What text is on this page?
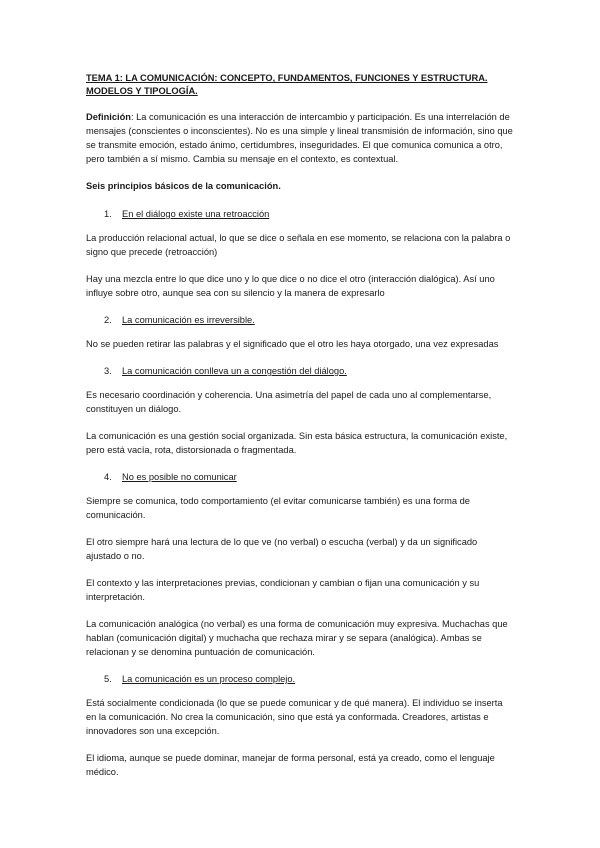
TEMA 1: LA COMUNICACIÓN: CONCEPTO, FUNDAMENTOS, FUNCIONES Y ESTRUCTURA. MODELOS Y TIPOLOGÍA.

Definición: La comunicación es una interacción de intercambio y participación. Es una interrelación de mensajes (conscientes o inconscientes). No es una simple y lineal transmisión de información, sino que se transmite emoción, estado ánimo, certidumbres, inseguridades. El que comunica comunica a otro, pero también a sí mismo. Cambia su mensaje en el contexto, es contextual.

Seis principios básicos de la comunicación.
1.	En el diálogo existe una retroacción

La producción relacional actual, lo que se dice o señala en ese momento, se relaciona con la palabra o signo que precede (retroacción)

Hay una mezcla entre lo que dice uno y lo que dice o no dice el otro (interacción dialógica). Así uno influye sobre otro, aunque sea con su silencio y la manera de expresarlo

2.	La comunicación es irreversible.

No se pueden retirar las palabras y el significado que el otro les haya otorgado, una vez expresadas

3.	La comunicación conlleva un a congestión del diálogo.

Es necesario coordinación y coherencia. Una asimetría del papel de cada uno al complementarse, constituyen un diálogo.

La comunicación es una gestión social organizada. Sin esta básica estructura, la comunicación existe, pero está vacía, rota, distorsionada o fragmentada.

4.	No es posible no comunicar

Siempre se comunica, todo comportamiento (el evitar comunicarse también) es una forma de comunicación.

El otro siempre hará una lectura de lo que ve (no verbal) o escucha (verbal) y da un significado ajustado o no.

El contexto y las interpretaciones previas, condicionan y cambian o fijan una comunicación y su interpretación.

La comunicación analógica (no verbal) es una forma de comunicación muy expresiva. Muchachas que hablan (comunicación digital) y muchacha que rechaza mirar y se separa (analógica). Ambas se relacionan y se denomina puntuación de comunicación.

5.	La comunicación es un proceso complejo.

Está socialmente condicionada (lo que se puede comunicar y de qué manera). El individuo se inserta en la comunicación. No crea la comunicación, sino que está ya conformada. Creadores, artistas e innovadores son una excepción.

El idioma, aunque se puede dominar, manejar de forma personal, está ya creado, como el lenguaje médico.
